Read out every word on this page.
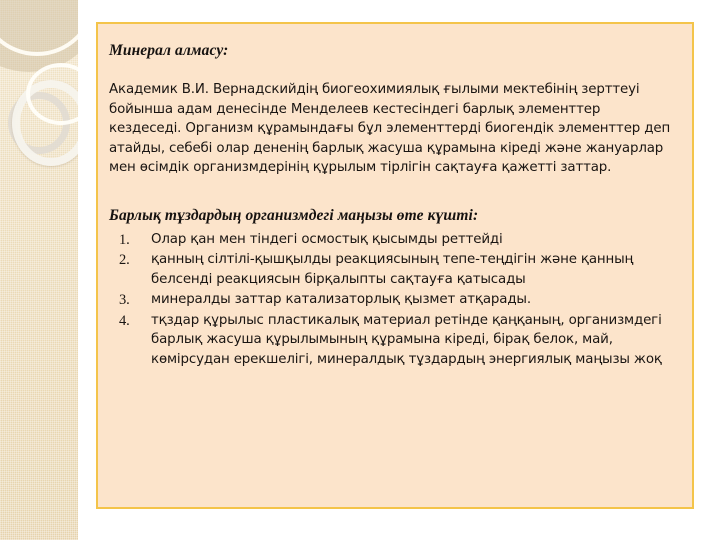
Минерал алмасу:

Академик В.И. Вернадскийдің биогеохимиялық ғылыми мектебінің зерттеуі бойынша адам денесінде Менделеев кестесіндегі барлық элементтер кездеседі. Организм құрамындағы бұл элементтерді биогендік элементтер деп атайды, себебі олар дененің барлық жасуша құрамына кіреді және жануарлар мен өсімдік организмдерінің құрылым тірлігін сақтауға қажетті заттар.

Барлық тұздардың организмдегі маңызы өте күшті:

1.	Олар қан мен тіндегі осмостық қысымды реттейді
2.	қанның сілтілі-қышқылды реакциясының тепе-теңдігін және қанның белсенді реакциясын бірқалыпты сақтауға қатысады
3.	минералды заттар катализаторлық қызмет атқарады.
4.	тқздар құрылыс пластикалық материал ретінде қаңқаның, организмдегі барлық жасуша құрылымының құрамына кіреді, бірақ белок, май, көмірсудан ерекшелігі, минералдық тұздардың энергиялық маңызы жоқ
